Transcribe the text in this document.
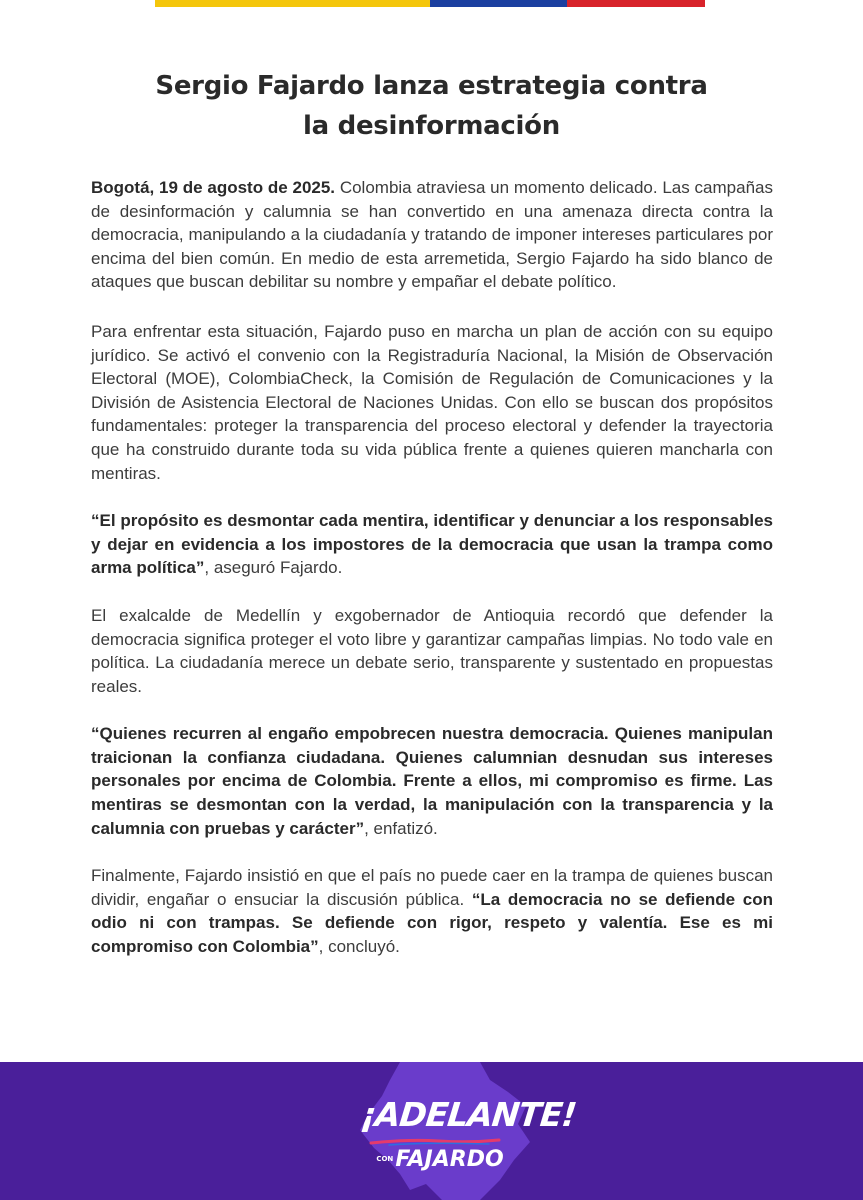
Sergio Fajardo lanza estrategia contra
la desinformación

Bogotá, 19 de agosto de 2025. Colombia atraviesa un momento delicado. Las campañas de desinformación y calumnia se han convertido en una amenaza directa contra la democracia, manipulando a la ciudadanía y tratando de imponer intereses particulares por encima del bien común. En medio de esta arremetida, Sergio Fajardo ha sido blanco de ataques que buscan debilitar su nombre y empañar el debate político.

Para enfrentar esta situación, Fajardo puso en marcha un plan de acción con su equipo jurídico. Se activó el convenio con la Registraduría Nacional, la Misión de Observación Electoral (MOE), ColombiaCheck, la Comisión de Regulación de Comunicaciones y la División de Asistencia Electoral de Naciones Unidas. Con ello se buscan dos propósitos fundamentales: proteger la transparencia del proceso electoral y defender la trayectoria que ha construido durante toda su vida pública frente a quienes quieren mancharla con mentiras.

“El propósito es desmontar cada mentira, identificar y denunciar a los responsables y dejar en evidencia a los impostores de la democracia que usan la trampa como arma política”, aseguró Fajardo.

El exalcalde de Medellín y exgobernador de Antioquia recordó que defender la democracia significa proteger el voto libre y garantizar campañas limpias. No todo vale en política. La ciudadanía merece un debate serio, transparente y sustentado en propuestas reales.

“Quienes recurren al engaño empobrecen nuestra democracia. Quienes manipulan traicionan la confianza ciudadana. Quienes calumnian desnudan sus intereses personales por encima de Colombia. Frente a ellos, mi compromiso es firme. Las mentiras se desmontan con la verdad, la manipulación con la transparencia y la calumnia con pruebas y carácter”, enfatizó.

Finalmente, Fajardo insistió en que el país no puede caer en la trampa de quienes buscan dividir, engañar o ensuciar la discusión pública. “La democracia no se defiende con odio ni con trampas. Se defiende con rigor, respeto y valentía. Ese es mi compromiso con Colombia”, concluyó.

¡ADELANTE!
CON FAJARDO
